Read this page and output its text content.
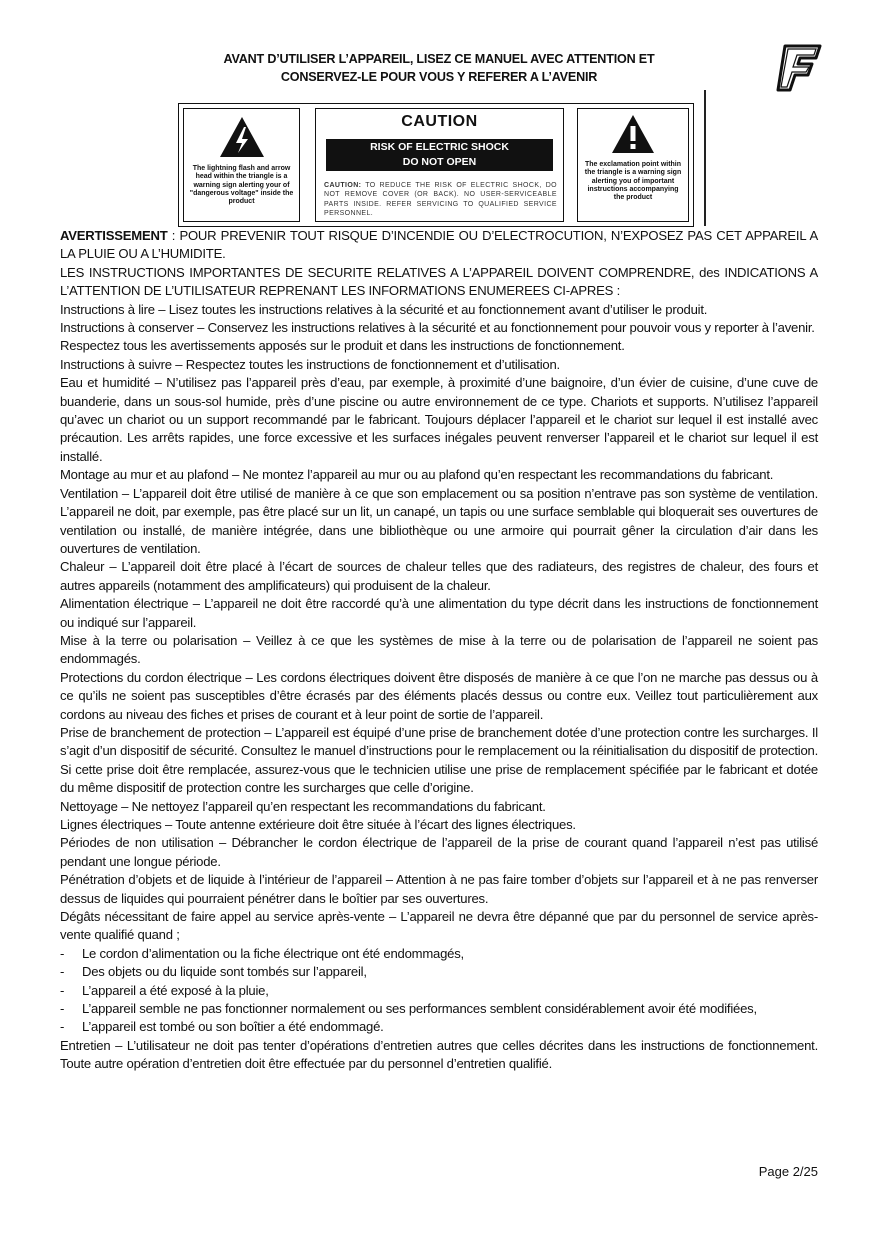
AVANT D’UTILISER L’APPAREIL, LISEZ CE MANUEL AVEC ATTENTION ET
CONSERVEZ-LE POUR VOUS Y REFERER A L’AVENIR
F
The lightning flash and arrow head within the triangle is a warning sign alerting your of "dangerous voltage" inside the product
CAUTION
RISK OF ELECTRIC SHOCK
DO NOT OPEN
CAUTION: TO REDUCE THE RISK OF ELECTRIC SHOCK, DO NOT REMOVE COVER (OR BACK). NO USER-SERVICEABLE PARTS INSIDE. REFER SERVICING TO QUALIFIED SERVICE PERSONNEL.
The exclamation point within the triangle is a warning sign alerting you of important instructions accompanying the product

AVERTISSEMENT : POUR PREVENIR TOUT RISQUE D’INCENDIE OU D’ELECTROCUTION, N’EXPOSEZ PAS CET APPAREIL A LA PLUIE OU A L’HUMIDITE.

LES INSTRUCTIONS IMPORTANTES DE SECURITE RELATIVES A L’APPAREIL DOIVENT COMPRENDRE, des INDICATIONS A L’ATTENTION DE L’UTILISATEUR REPRENANT LES INFORMATIONS ENUMEREES CI-APRES :

Instructions à lire – Lisez toutes les instructions relatives à la sécurité et au fonctionnement avant d’utiliser le produit.

Instructions à conserver – Conservez les instructions relatives à la sécurité et au fonctionnement pour pouvoir vous y reporter à l’avenir.

Respectez tous les avertissements apposés sur le produit et dans les instructions de fonctionnement.

Instructions à suivre – Respectez toutes les instructions de fonctionnement et d’utilisation.

Eau et humidité – N’utilisez pas l’appareil près d’eau, par exemple, à proximité d’une baignoire, d’un évier de cuisine, d’une cuve de buanderie, dans un sous-sol humide, près d’une piscine ou autre environnement de ce type. Chariots et supports. N’utilisez l’appareil qu’avec un chariot ou un support recommandé par le fabricant. Toujours déplacer l’appareil et le chariot sur lequel il est installé avec précaution. Les arrêts rapides, une force excessive et les surfaces inégales peuvent renverser l’appareil et le chariot sur lequel il est installé.

Montage au mur et au plafond – Ne montez l’appareil au mur ou au plafond qu’en respectant les recommandations du fabricant.

Ventilation – L’appareil doit être utilisé de manière à ce que son emplacement ou sa position n’entrave pas son système de ventilation. L’appareil ne doit, par exemple, pas être placé sur un lit, un canapé, un tapis ou une surface semblable qui bloquerait ses ouvertures de ventilation ou installé, de manière intégrée, dans une bibliothèque ou une armoire qui pourrait gêner la circulation d’air dans les ouvertures de ventilation.

Chaleur – L’appareil doit être placé à l’écart de sources de chaleur telles que des radiateurs, des registres de chaleur, des fours et autres appareils (notamment des amplificateurs) qui produisent de la chaleur.

Alimentation électrique – L’appareil ne doit être raccordé qu’à une alimentation du type décrit dans les instructions de fonctionnement ou indiqué sur l’appareil.

Mise à la terre ou polarisation – Veillez à ce que les systèmes de mise à la terre ou de polarisation de l’appareil ne soient pas endommagés.

Protections du cordon électrique – Les cordons électriques doivent être disposés de manière à ce que l’on ne marche pas dessus ou à ce qu’ils ne soient pas susceptibles d’être écrasés par des éléments placés dessus ou contre eux. Veillez tout particulièrement aux cordons au niveau des fiches et prises de courant et à leur point de sortie de l’appareil.

Prise de branchement de protection – L’appareil est équipé d’une prise de branchement dotée d’une protection contre les surcharges. Il s’agit d’un dispositif de sécurité. Consultez le manuel d’instructions pour le remplacement ou la réinitialisation du dispositif de protection. Si cette prise doit être remplacée, assurez-vous que le technicien utilise une prise de remplacement spécifiée par le fabricant et dotée du même dispositif de protection contre les surcharges que celle d’origine.

Nettoyage – Ne nettoyez l’appareil qu’en respectant les recommandations du fabricant.

Lignes électriques – Toute antenne extérieure doit être située à l’écart des lignes électriques.

Périodes de non utilisation – Débrancher le cordon électrique de l’appareil de la prise de courant quand l’appareil n’est pas utilisé pendant une longue période.

Pénétration d’objets et de liquide à l’intérieur de l’appareil – Attention à ne pas faire tomber d’objets sur l’appareil et à ne pas renverser dessus de liquides qui pourraient pénétrer dans le boîtier par ses ouvertures.

Dégâts nécessitant de faire appel au service après-vente – L’appareil ne devra être dépanné que par du personnel de service après-vente qualifié quand ;

-	Le cordon d’alimentation ou la fiche électrique ont été endommagés,
-	Des objets ou du liquide sont tombés sur l’appareil,
-	L’appareil a été exposé à la pluie,
-	L’appareil semble ne pas fonctionner normalement ou ses performances semblent considérablement avoir été modifiées,
-	L’appareil est tombé ou son boîtier a été endommagé.

Entretien – L’utilisateur ne doit pas tenter d’opérations d’entretien autres que celles décrites dans les instructions de fonctionnement. Toute autre opération d’entretien doit être effectuée par du personnel d’entretien qualifié.

Page 2/25
